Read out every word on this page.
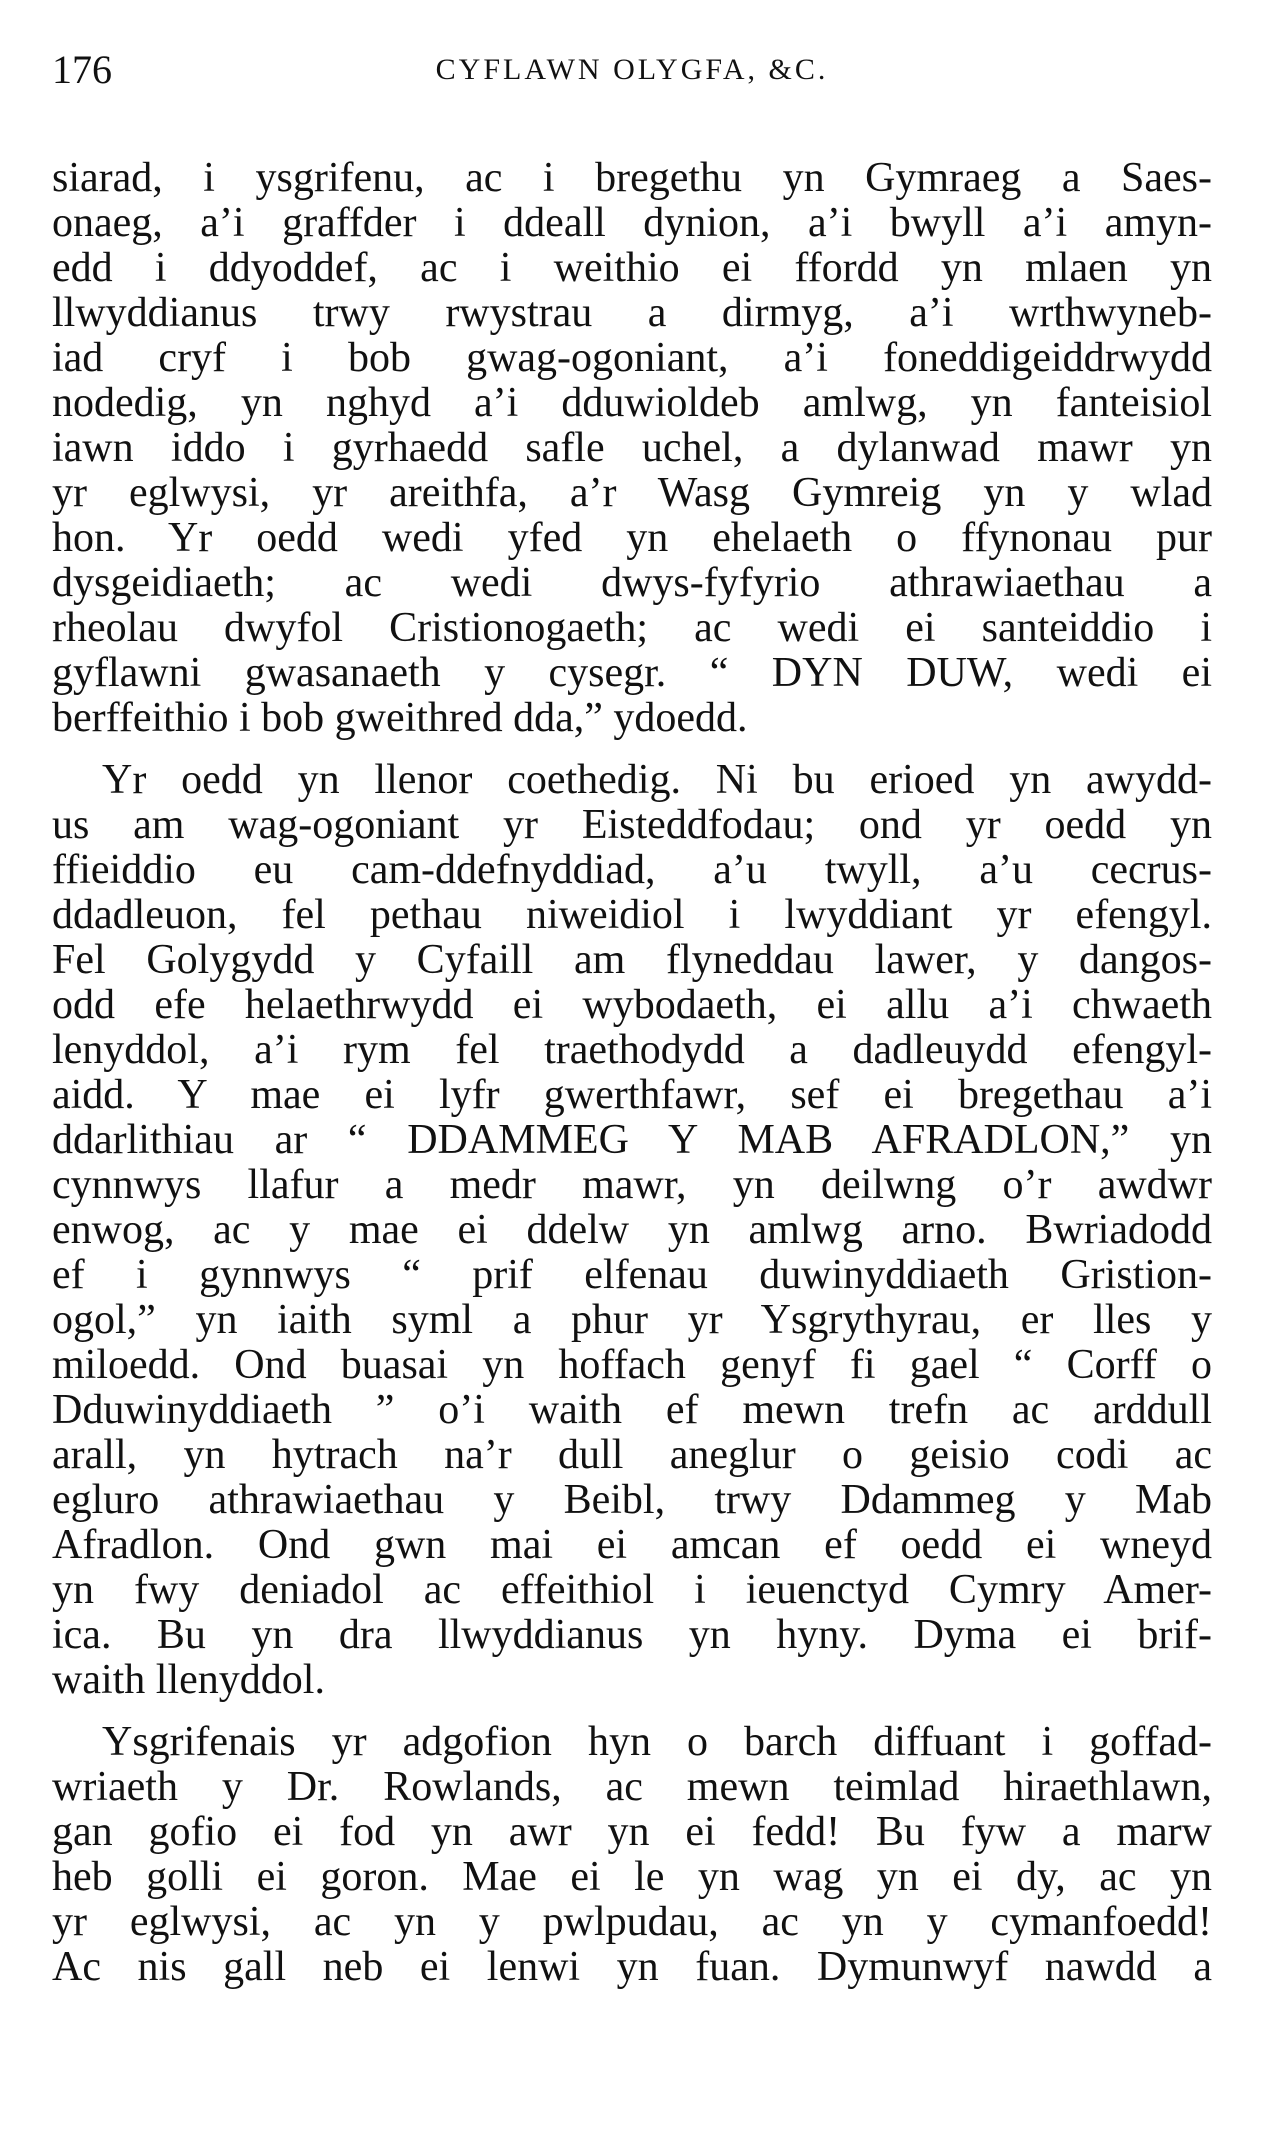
176	CYFLAWN OLYGFA, &C.
siarad, i ysgrifenu, ac i bregethu yn Gymraeg a Saes-
onaeg, a’i graffder i ddeall dynion, a’i bwyll a’i amyn-
edd i ddyoddef, ac i weithio ei ffordd yn mlaen yn
llwyddianus trwy rwystrau a dirmyg, a’i wrthwyneb-
iad cryf i bob gwag-ogoniant, a’i foneddigeiddrwydd
nodedig, yn nghyd a’i dduwioldeb amlwg, yn fanteisiol
iawn iddo i gyrhaedd safle uchel, a dylanwad mawr yn
yr eglwysi, yr areithfa, a’r Wasg Gymreig yn y wlad
hon. Yr oedd wedi yfed yn ehelaeth o ffynonau pur
dysgeidiaeth; ac wedi dwys-fyfyrio athrawiaethau a
rheolau dwyfol Cristionogaeth; ac wedi ei santeiddio i
gyflawni gwasanaeth y cysegr. “ DYN DUW, wedi ei
berffeithio i bob gweithred dda,” ydoedd.
Yr oedd yn llenor coethedig. Ni bu erioed yn awydd-
us am wag-ogoniant yr Eisteddfodau; ond yr oedd yn
ffieiddio eu cam-ddefnyddiad, a’u twyll, a’u cecrus-
ddadleuon, fel pethau niweidiol i lwyddiant yr efengyl.
Fel Golygydd y Cyfaill am flyneddau lawer, y dangos-
odd efe helaethrwydd ei wybodaeth, ei allu a’i chwaeth
lenyddol, a’i rym fel traethodydd a dadleuydd efengyl-
aidd. Y mae ei lyfr gwerthfawr, sef ei bregethau a’i
ddarlithiau ar “ DDAMMEG Y MAB AFRADLON,” yn
cynnwys llafur a medr mawr, yn deilwng o’r awdwr
enwog, ac y mae ei ddelw yn amlwg arno. Bwriadodd
ef i gynnwys “ prif elfenau duwinyddiaeth Gristion-
ogol,” yn iaith syml a phur yr Ysgrythyrau, er lles y
miloedd. Ond buasai yn hoffach genyf fi gael “ Corff o
Dduwinyddiaeth ” o’i waith ef mewn trefn ac arddull
arall, yn hytrach na’r dull aneglur o geisio codi ac
egluro athrawiaethau y Beibl, trwy Ddammeg y Mab
Afradlon. Ond gwn mai ei amcan ef oedd ei wneyd
yn fwy deniadol ac effeithiol i ieuenctyd Cymry Amer-
ica. Bu yn dra llwyddianus yn hyny. Dyma ei brif-
waith llenyddol.
Ysgrifenais yr adgofion hyn o barch diffuant i goffad-
wriaeth y Dr. Rowlands, ac mewn teimlad hiraethlawn,
gan gofio ei fod yn awr yn ei fedd! Bu fyw a marw
heb golli ei goron. Mae ei le yn wag yn ei dy, ac yn
yr eglwysi, ac yn y pwlpudau, ac yn y cymanfoedd!
Ac nis gall neb ei lenwi yn fuan. Dymunwyf nawdd a
